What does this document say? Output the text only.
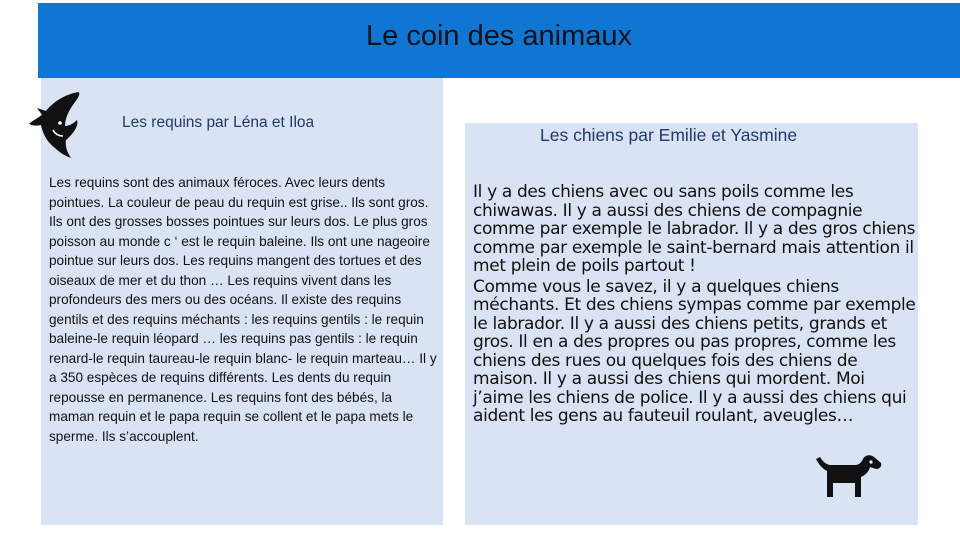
Le coin des animaux
Les requins par Léna et Iloa

Les requins sont des animaux féroces. Avec leurs dents pointues. La couleur de peau du requin est grise.. Ils sont gros. Ils ont des grosses bosses pointues sur leurs dos. Le plus gros poisson au monde c ‘ est le requin baleine. Ils ont une nageoire pointue sur leurs dos. Les requins mangent des tortues et des oiseaux de mer et du thon … Les requins vivent dans les profondeurs des mers ou des océans. Il existe des requins gentils et des requins méchants : les requins gentils : le requin baleine-le requin léopard … les requins pas gentils : le requin renard-le requin taureau-le requin blanc- le requin marteau… Il y a 350 espèces de requins différents. Les dents du requin repousse en permanence. Les requins font des bébés, la maman requin et le papa requin se collent et le papa mets le sperme. Ils s’accouplent.

Les chiens par Emilie et Yasmine

Il y a des chiens avec ou sans poils comme les chiwawas. Il y a aussi des chiens de compagnie comme par exemple le labrador. Il y a des gros chiens comme par exemple le saint-bernard mais attention il met plein de poils partout !

Comme vous le savez, il y a quelques chiens méchants. Et des chiens sympas comme par exemple le labrador. Il y a aussi des chiens petits, grands et gros. Il en a des propres ou pas propres, comme les chiens des rues ou quelques fois des chiens de maison. Il y a aussi des chiens qui mordent. Moi j’aime les chiens de police. Il y a aussi des chiens qui aident les gens au fauteuil roulant, aveugles…
